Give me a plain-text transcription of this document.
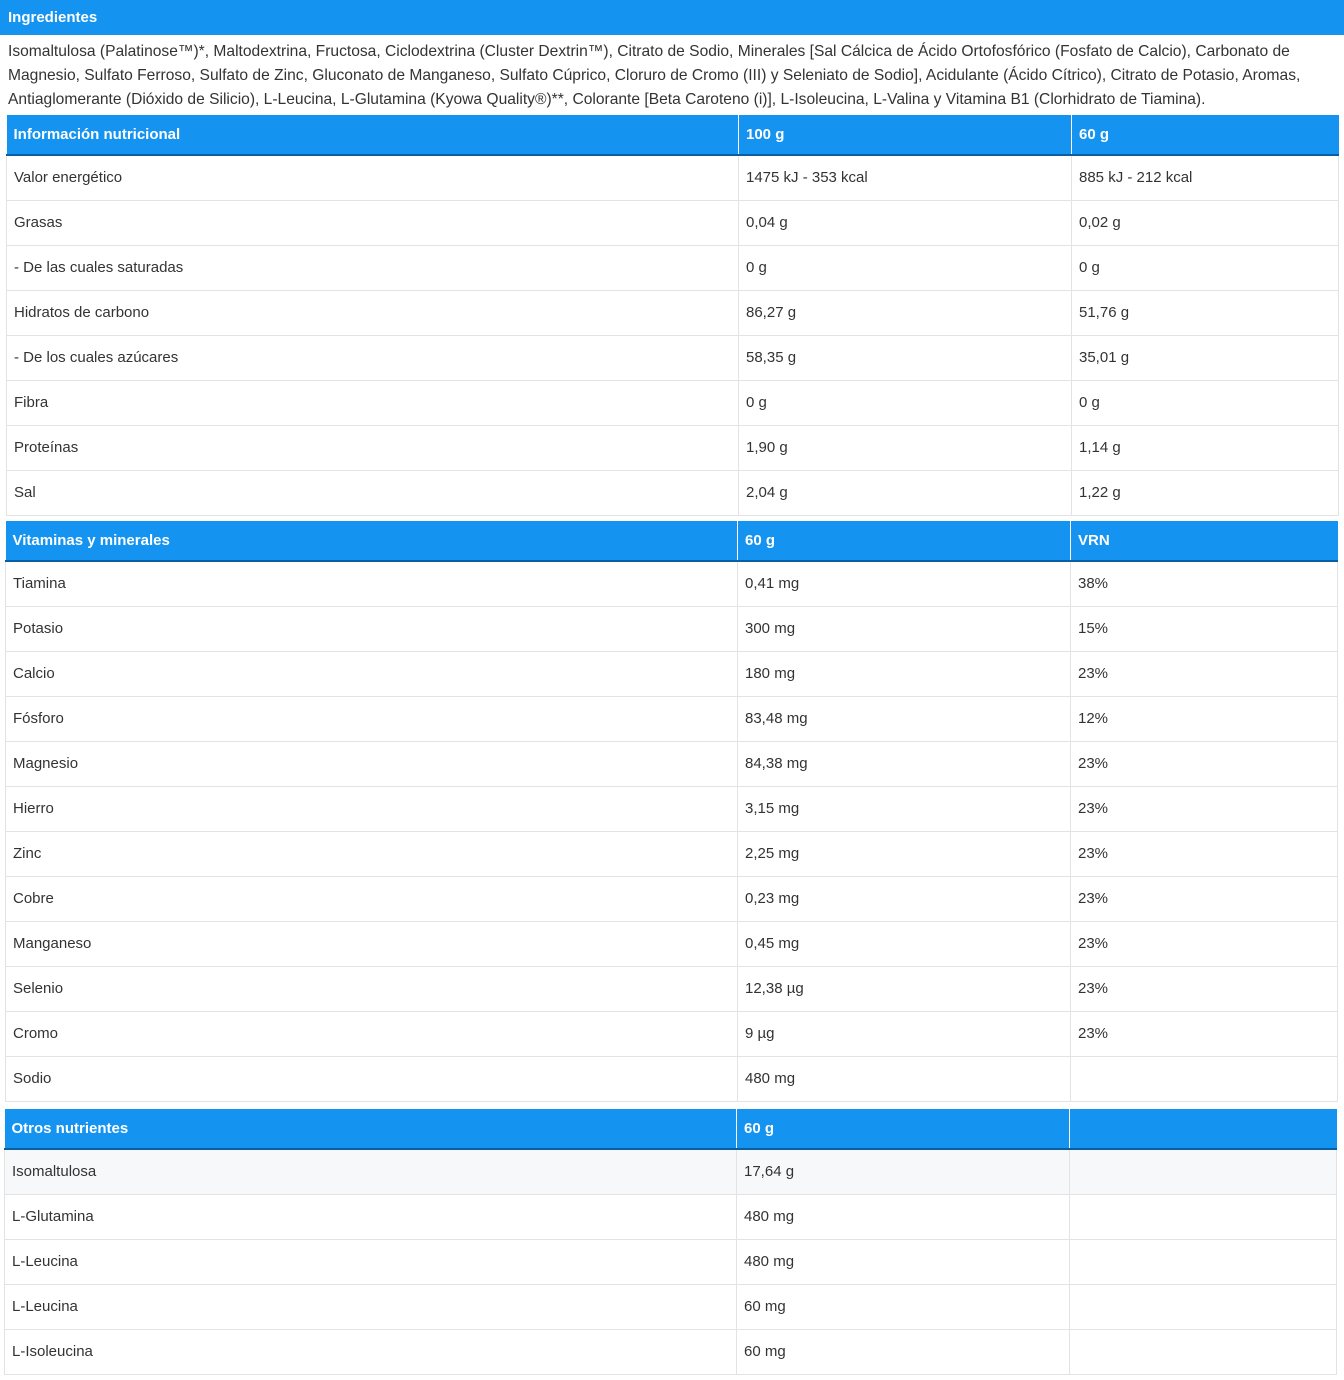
Ingredientes
Isomaltulosa (Palatinose™)*, Maltodextrina, Fructosa, Ciclodextrina (Cluster Dextrin™), Citrato de Sodio, Minerales [Sal Cálcica de Ácido Ortofosfórico (Fosfato de Calcio), Carbonato de Magnesio, Sulfato Ferroso, Sulfato de Zinc, Gluconato de Manganeso, Sulfato Cúprico, Cloruro de Cromo (III) y Seleniato de Sodio], Acidulante (Ácido Cítrico), Citrato de Potasio, Aromas, Antiaglomerante (Dióxido de Silicio), L-Leucina, L-Glutamina (Kyowa Quality®)**, Colorante [Beta Caroteno (i)], L-Isoleucina, L-Valina y Vitamina B1 (Clorhidrato de Tiamina).
Información nutricional	100 g	60 g
Valor energético	1475 kJ - 353 kcal	885 kJ - 212 kcal
Grasas	0,04 g	0,02 g
- De las cuales saturadas	0 g	0 g
Hidratos de carbono	86,27 g	51,76 g
- De los cuales azúcares	58,35 g	35,01 g
Fibra	0 g	0 g
Proteínas	1,90 g	1,14 g
Sal	2,04 g	1,22 g
Vitaminas y minerales	60 g	VRN
Tiamina	0,41 mg	38%
Potasio	300 mg	15%
Calcio	180 mg	23%
Fósforo	83,48 mg	12%
Magnesio	84,38 mg	23%
Hierro	3,15 mg	23%
Zinc	2,25 mg	23%
Cobre	0,23 mg	23%
Manganeso	0,45 mg	23%
Selenio	12,38 µg	23%
Cromo	9 µg	23%
Sodio	480 mg	
Otros nutrientes	60 g	
Isomaltulosa	17,64 g	
L-Glutamina	480 mg	
L-Leucina	480 mg	
L-Leucina	60 mg	
L-Isoleucina	60 mg	
